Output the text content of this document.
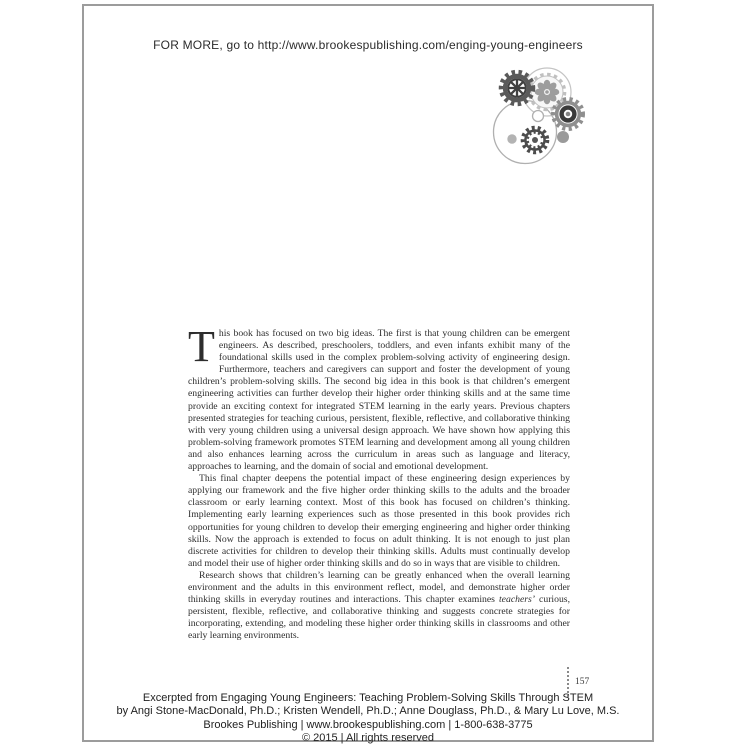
FOR MORE, go to http://www.brookespublishing.com/enging-young-engineers

This book has focused on two big ideas. The first is that young children can be emergent engineers. As described, preschoolers, toddlers, and even infants exhibit many of the foundational skills used in the complex problem-solving activity of engineering design. Furthermore, teachers and caregivers can support and foster the development of young children’s problem-solving skills. The second big idea in this book is that children’s emergent engineering activities can further develop their higher order thinking skills and at the same time provide an exciting context for integrated STEM learning in the early years. Previous chapters presented strategies for teaching curious, persistent, flexible, reflective, and collaborative thinking with very young children using a universal design approach. We have shown how applying this problem-solving framework promotes STEM learning and development among all young children and also enhances learning across the curriculum in areas such as language and literacy, approaches to learning, and the domain of social and emotional development.

This final chapter deepens the potential impact of these engineering design experiences by applying our framework and the five higher order thinking skills to the adults and the broader classroom or early learning context. Most of this book has focused on children’s thinking. Implementing early learning experiences such as those presented in this book provides rich opportunities for young children to develop their emerging engineering and higher order thinking skills. Now the approach is extended to focus on adult thinking. It is not enough to just plan discrete activities for children to develop their thinking skills. Adults must continually develop and model their use of higher order thinking skills and do so in ways that are visible to children.

Research shows that children’s learning can be greatly enhanced when the overall learning environment and the adults in this environment reflect, model, and demonstrate higher order thinking skills in everyday routines and interactions. This chapter examines teachers’ curious, persistent, flexible, reflective, and collaborative thinking and suggests concrete strategies for incorporating, extending, and modeling these higher order thinking skills in classrooms and other early learning environments.

157
Excerpted from Engaging Young Engineers: Teaching Problem-Solving Skills Through STEM
by Angi Stone-MacDonald, Ph.D.; Kristen Wendell, Ph.D.; Anne Douglass, Ph.D., & Mary Lu Love, M.S.
Brookes Publishing | www.brookespublishing.com | 1-800-638-3775
© 2015 | All rights reserved
